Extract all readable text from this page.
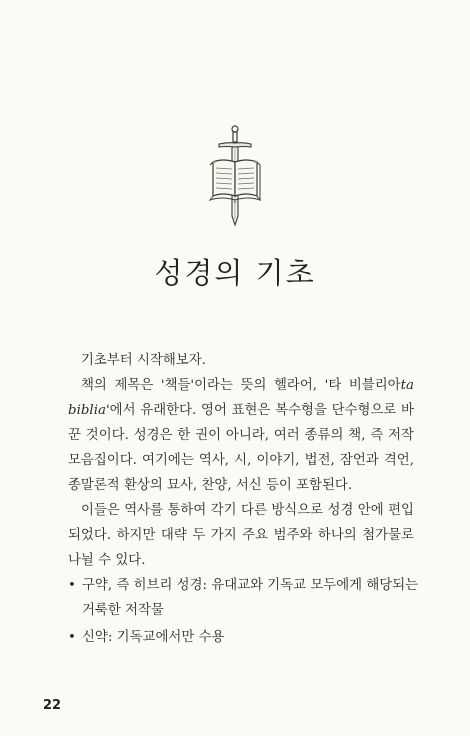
성경의 기초

기초부터 시작해보자.

책의 제목은 '책들'이라는 뜻의 헬라어, '타 비블리아ta biblia'에서 유래한다. 영어 표현은 복수형을 단수형으로 바꾼 것이다. 성경은 한 권이 아니라, 여러 종류의 책, 즉 저작 모음집이다. 여기에는 역사, 시, 이야기, 법전, 잠언과 격언, 종말론적 환상의 묘사, 찬양, 서신 등이 포함된다.

이들은 역사를 통하여 각기 다른 방식으로 성경 안에 편입되었다. 하지만 대략 두 가지 주요 범주와 하나의 첨가물로 나뉠 수 있다.

• 구약, 즉 히브리 성경: 유대교와 기독교 모두에게 해당되는 거룩한 저작물
• 신약: 기독교에서만 수용
22
